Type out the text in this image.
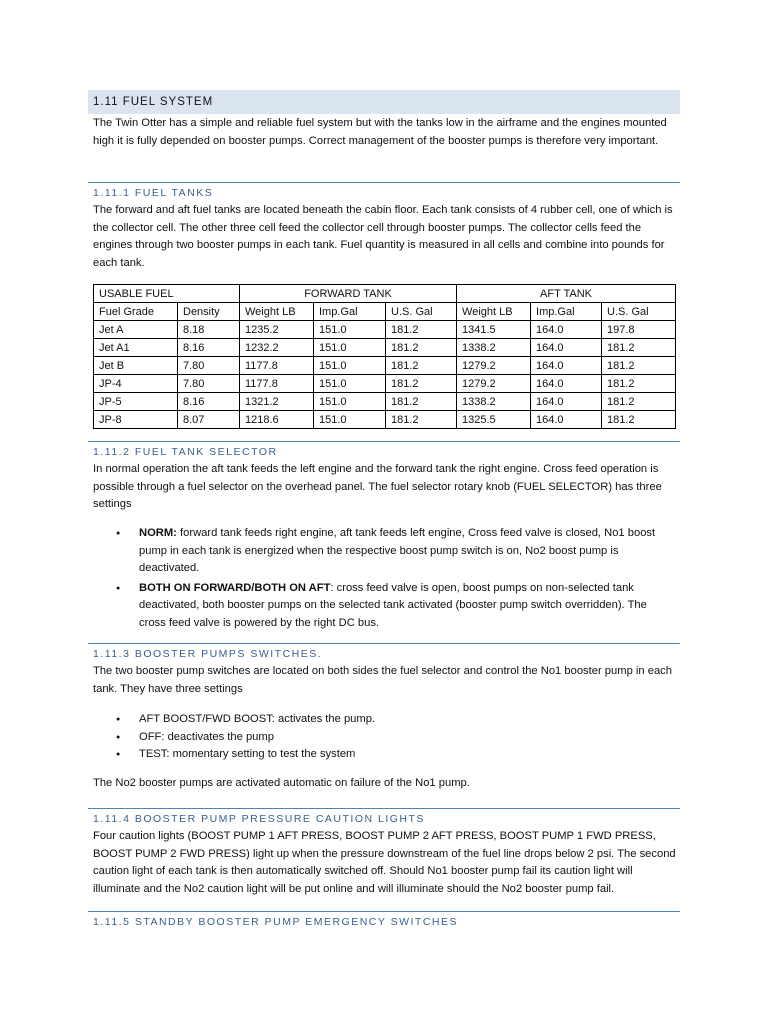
1.11 FUEL SYSTEM

The Twin Otter has a simple and reliable fuel system but with the tanks low in the airframe and the engines mounted high it is fully depended on booster pumps. Correct management of the booster pumps is therefore very important.

1.11.1 FUEL TANKS

The forward and aft fuel tanks are located beneath the cabin floor. Each tank consists of 4 rubber cell, one of which is the collector cell. The other three cell feed the collector cell through booster pumps. The collector cells feed the engines through two booster pumps in each tank. Fuel quantity is measured in all cells and combine into pounds for each tank.

USABLE FUEL		FORWARD TANK			AFT TANK		
Fuel Grade	Density	Weight LB	Imp.Gal	U.S. Gal	Weight LB	Imp.Gal	U.S. Gal
Jet A	8.18	1235.2	151.0	181.2	1341.5	164.0	197.8
Jet A1	8.16	1232.2	151.0	181.2	1338.2	164.0	181.2
Jet B	7.80	1177.8	151.0	181.2	1279.2	164.0	181.2
JP-4	7.80	1177.8	151.0	181.2	1279.2	164.0	181.2
JP-5	8.16	1321.2	151.0	181.2	1338.2	164.0	181.2
JP-8	8.07	1218.6	151.0	181.2	1325.5	164.0	181.2
1.11.2 FUEL TANK SELECTOR

In normal operation the aft tank feeds the left engine and the forward tank the right engine. Cross feed operation is possible through a fuel selector on the overhead panel. The fuel selector rotary knob (FUEL SELECTOR) has three settings

● NORM: forward tank feeds right engine, aft tank feeds left engine, Cross feed valve is closed, No1 boost pump in each tank is energized when the respective boost pump switch is on, No2 boost pump is deactivated.
● BOTH ON FORWARD/BOTH ON AFT: cross feed valve is open, boost pumps on non-selected tank deactivated, both booster pumps on the selected tank activated (booster pump switch overridden). The cross feed valve is powered by the right DC bus.
1.11.3 BOOSTER PUMPS SWITCHES.

The two booster pump switches are located on both sides the fuel selector and control the No1 booster pump in each tank. They have three settings

● AFT BOOST/FWD BOOST: activates the pump.
● OFF: deactivates the pump
● TEST: momentary setting to test the system

The No2 booster pumps are activated automatic on failure of the No1 pump.

1.11.4 BOOSTER PUMP PRESSURE CAUTION LIGHTS

Four caution lights (BOOST PUMP 1 AFT PRESS, BOOST PUMP 2 AFT PRESS, BOOST PUMP 1 FWD PRESS, BOOST PUMP 2 FWD PRESS) light up when the pressure downstream of the fuel line drops below 2 psi. The second caution light of each tank is then automatically switched off. Should No1 booster pump fail its caution light will illuminate and the No2 caution light will be put online and will illuminate should the No2 booster pump fail.

1.11.5 STANDBY BOOSTER PUMP EMERGENCY SWITCHES
